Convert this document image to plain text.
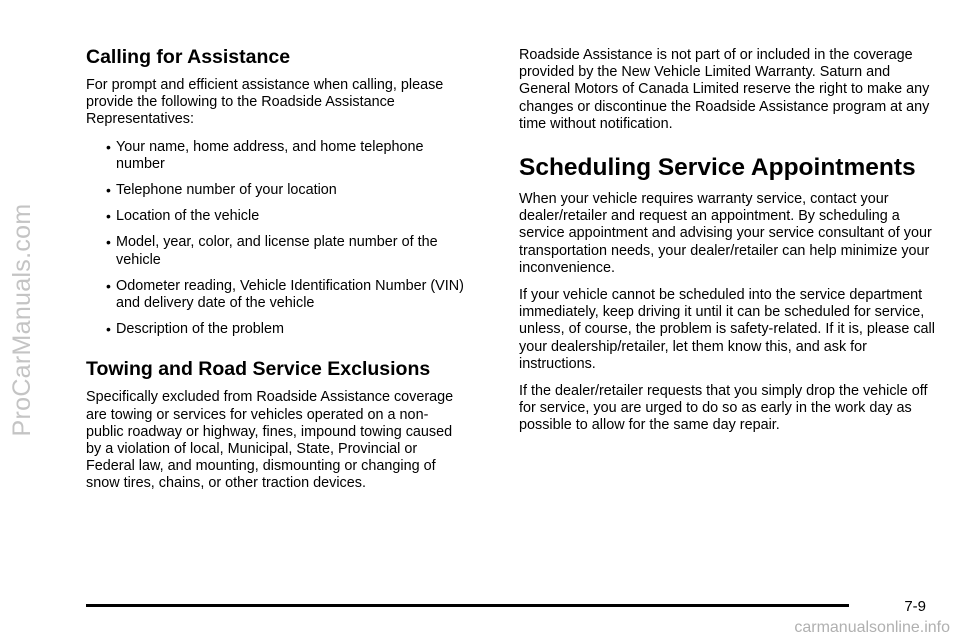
ProCarManuals.com
Calling for Assistance

For prompt and efficient assistance when calling, please provide the following to the Roadside Assistance Representatives:

• Your name, home address, and home telephone number
• Telephone number of your location
• Location of the vehicle
• Model, year, color, and license plate number of the vehicle
• Odometer reading, Vehicle Identification Number (VIN) and delivery date of the vehicle
• Description of the problem
Towing and Road Service Exclusions

Specifically excluded from Roadside Assistance coverage are towing or services for vehicles operated on a non-public roadway or highway, fines, impound towing caused by a violation of local, Municipal, State, Provincial or Federal law, and mounting, dismounting or changing of snow tires, chains, or other traction devices.

Roadside Assistance is not part of or included in the coverage provided by the New Vehicle Limited Warranty. Saturn and General Motors of Canada Limited reserve the right to make any changes or discontinue the Roadside Assistance program at any time without notification.

Scheduling Service Appointments

When your vehicle requires warranty service, contact your dealer/retailer and request an appointment. By scheduling a service appointment and advising your service consultant of your transportation needs, your dealer/retailer can help minimize your inconvenience.

If your vehicle cannot be scheduled into the service department immediately, keep driving it until it can be scheduled for service, unless, of course, the problem is safety-related. If it is, please call your dealership/retailer, let them know this, and ask for instructions.

If the dealer/retailer requests that you simply drop the vehicle off for service, you are urged to do so as early in the work day as possible to allow for the same day repair.

7-9
carmanualsonline.info
